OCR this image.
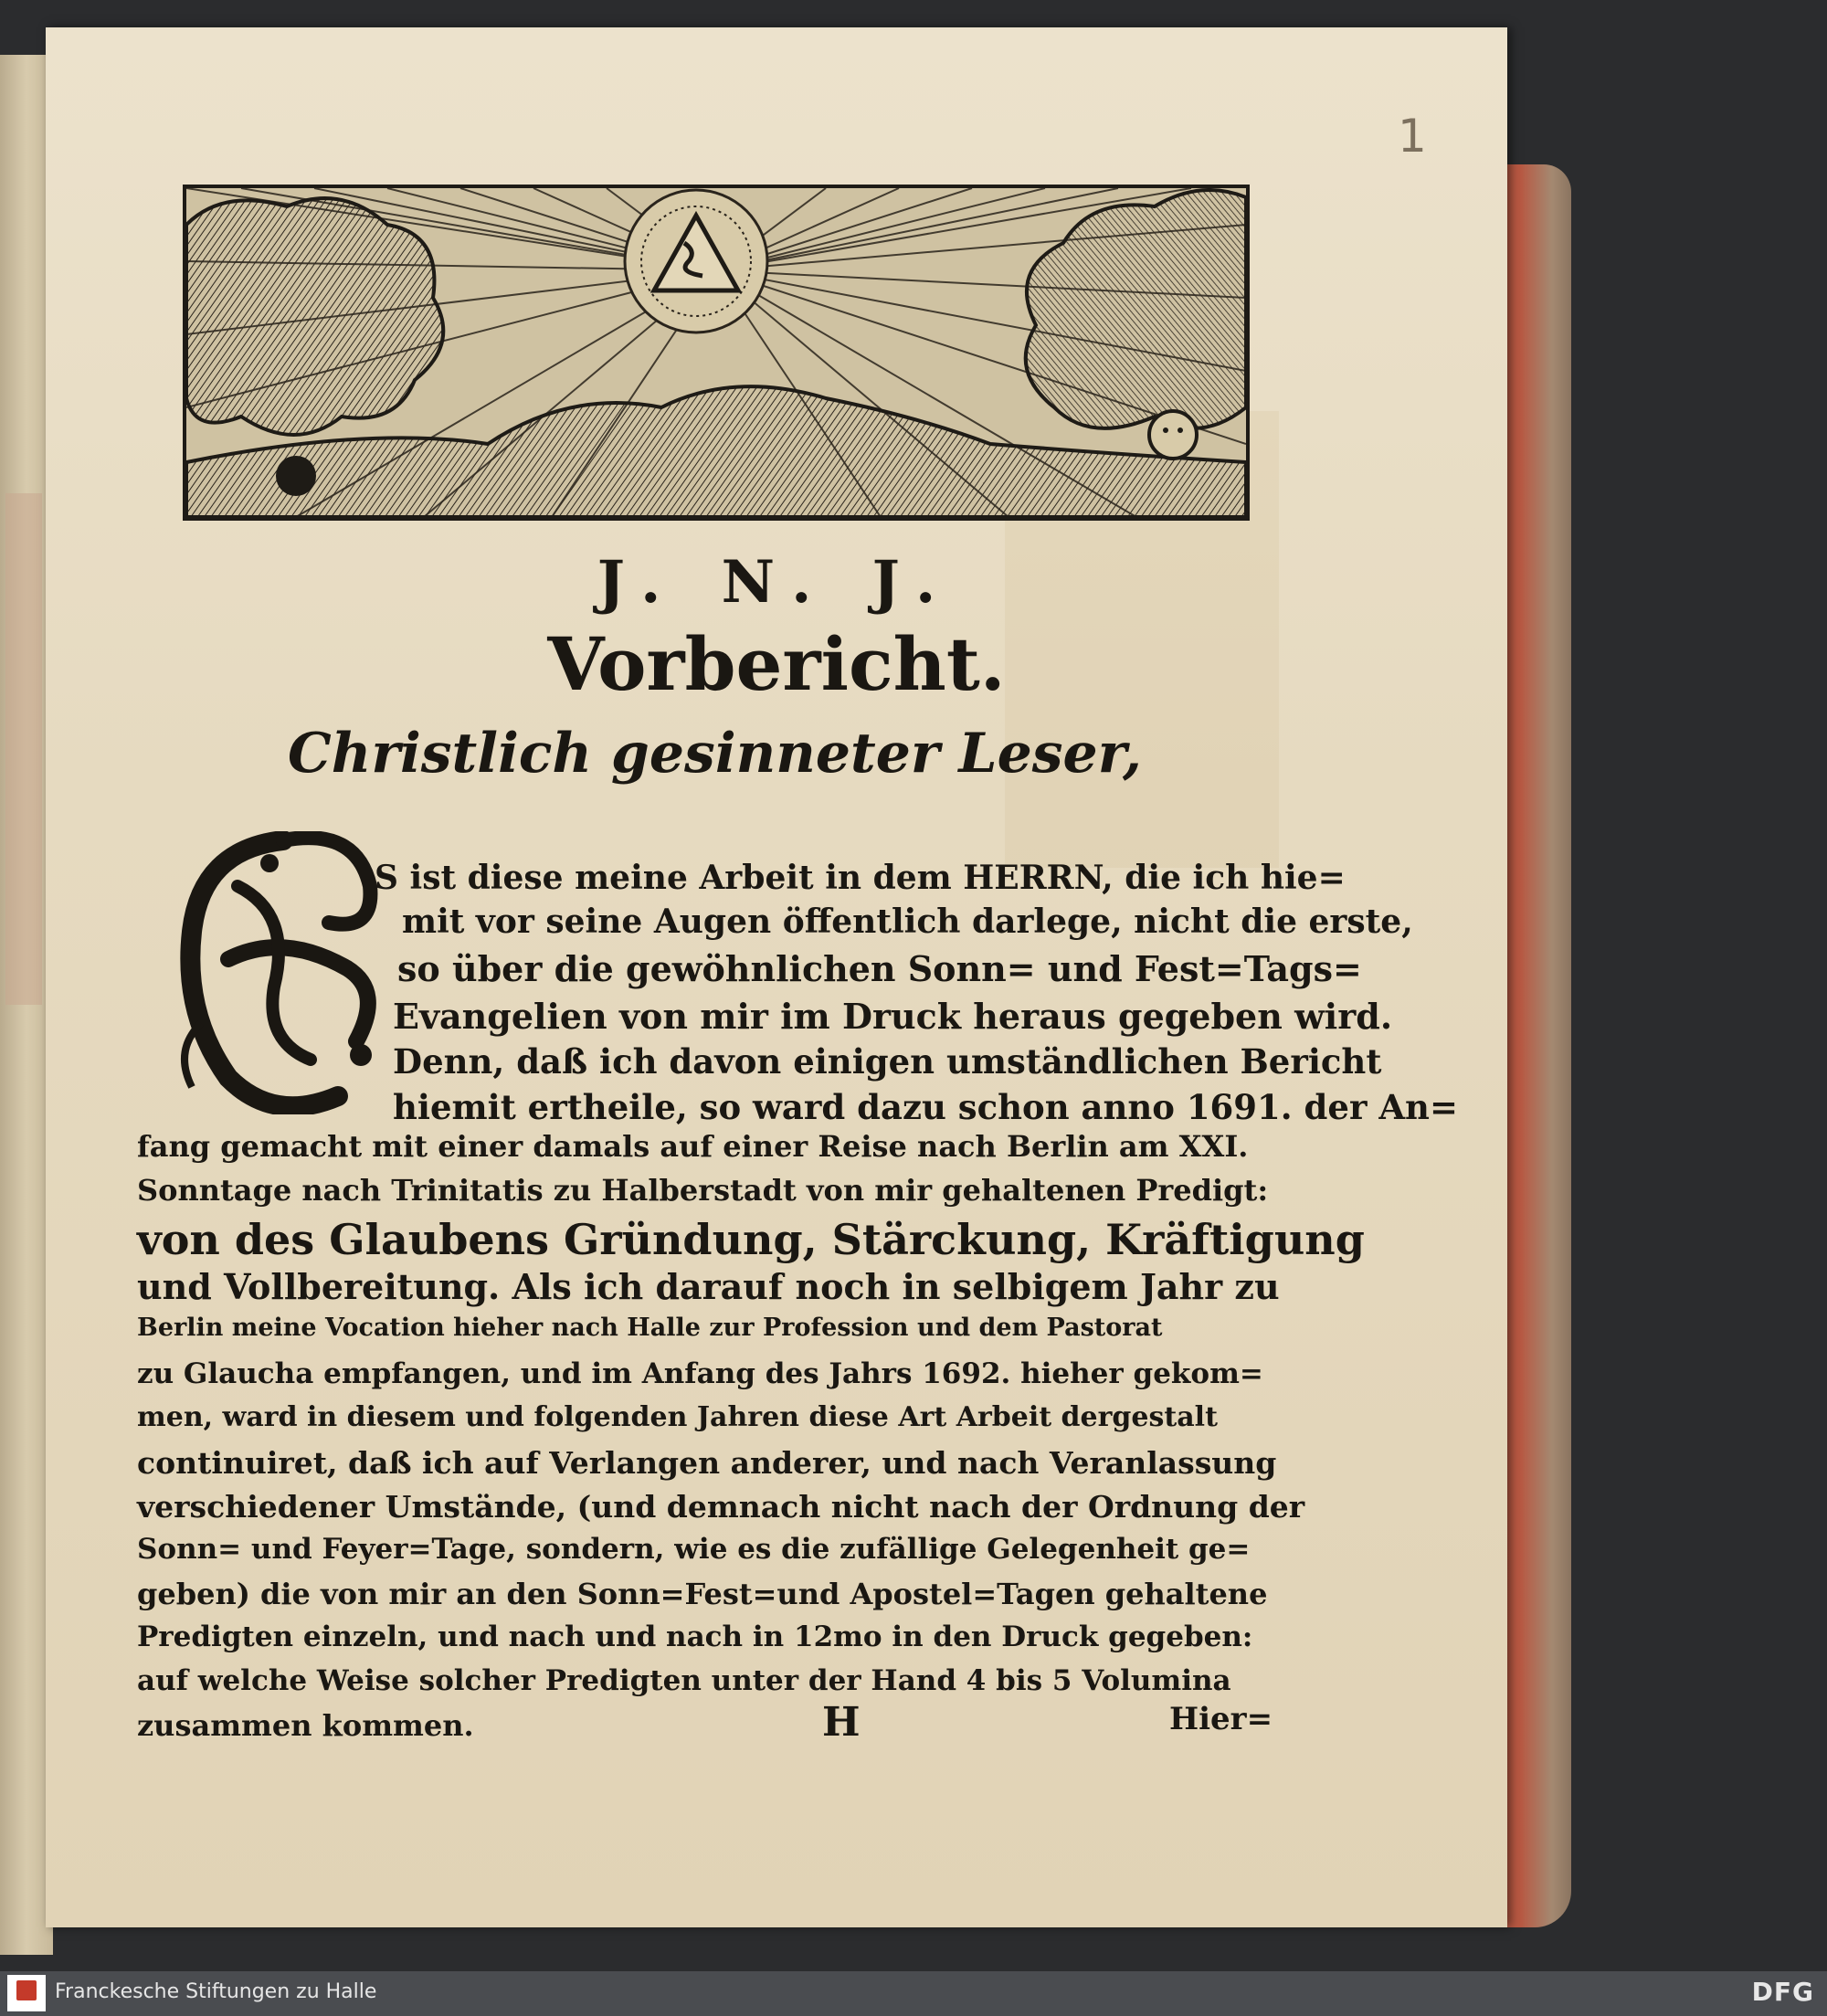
1
J. N. J.
Vorbericht.
Christlich gesinneter Leser,
S ist diese meine Arbeit in dem HERRN, die ich hie=
mit vor seine Augen öffentlich darlege, nicht die erste,
so über die gewöhnlichen Sonn= und Fest=Tags=
Evangelien von mir im Druck heraus gegeben wird.
Denn, daß ich davon einigen umständlichen Bericht
hiemit ertheile, so ward dazu schon anno 1691. der An=
fang gemacht mit einer damals auf einer Reise nach Berlin am XXI.
Sonntage nach Trinitatis zu Halberstadt von mir gehaltenen Predigt:
von des Glaubens Gründung, Stärckung, Kräftigung
und Vollbereitung. Als ich darauf noch in selbigem Jahr zu
Berlin meine Vocation hieher nach Halle zur Profession und dem Pastorat
zu Glaucha empfangen, und im Anfang des Jahrs 1692. hieher gekom=
men, ward in diesem und folgenden Jahren diese Art Arbeit dergestalt
continuiret, daß ich auf Verlangen anderer, und nach Veranlassung
verschiedener Umstände, (und demnach nicht nach der Ordnung der
Sonn= und Feyer=Tage, sondern, wie es die zufällige Gelegenheit ge=
geben) die von mir an den Sonn=Fest=und Apostel=Tagen gehaltene
Predigten einzeln, und nach und nach in 12mo in den Druck gegeben:
auf welche Weise solcher Predigten unter der Hand 4 bis 5 Volumina
zusammen kommen.	H	Hier=
Franckesche Stiftungen zu Halle	DFG
